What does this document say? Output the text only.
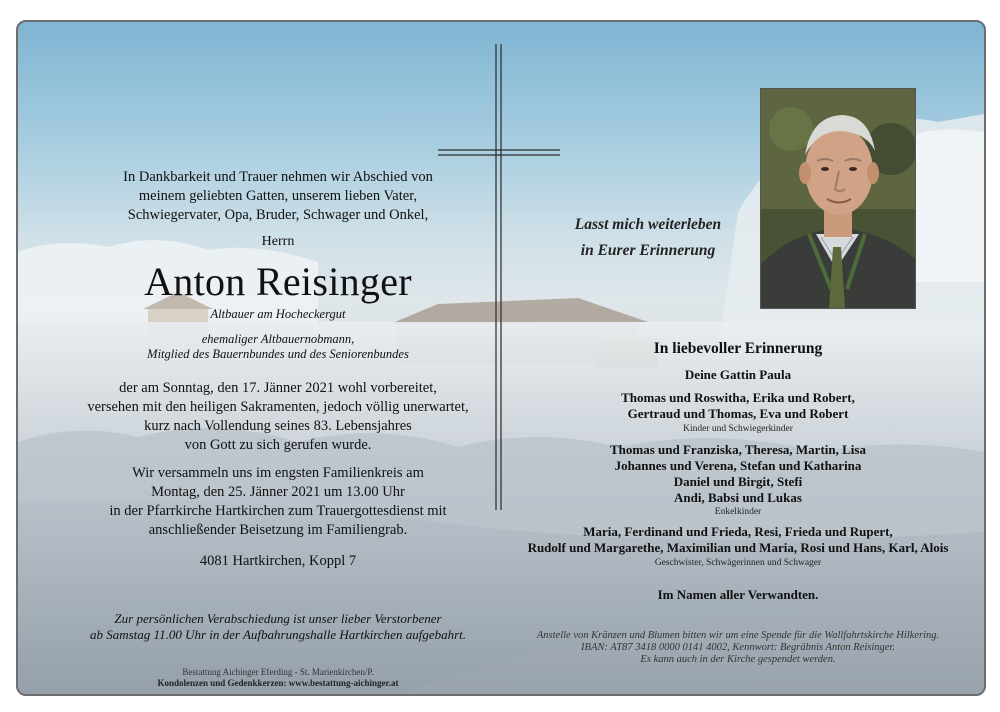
In Dankbarkeit und Trauer nehmen wir Abschied von
meinem geliebten Gatten, unserem lieben Vater,
Schwiegervater, Opa, Bruder, Schwager und Onkel,
Herrn
Anton Reisinger
Altbauer am Hocheckergut
ehemaliger Altbauernobmann,
Mitglied des Bauernbundes und des Seniorenbundes
der am Sonntag, den 17. Jänner 2021 wohl vorbereitet,
versehen mit den heiligen Sakramenten, jedoch völlig unerwartet,
kurz nach Vollendung seines 83. Lebensjahres
von Gott zu sich gerufen wurde.
Wir versammeln uns im engsten Familienkreis am
Montag, den 25. Jänner 2021 um 13.00 Uhr
in der Pfarrkirche Hartkirchen zum Trauergottesdienst mit
anschließender Beisetzung im Familiengrab.
4081 Hartkirchen, Koppl 7
Zur persönlichen Verabschiedung ist unser lieber Verstorbener
ab Samstag 11.00 Uhr in der Aufbahrungshalle Hartkirchen aufgebahrt.
Bestattung Aichinger Eferding - St. Marienkirchen/P.
Kondolenzen und Gedenkkerzen: www.bestattung-aichinger.at
Lasst mich weiterleben
in Eurer Erinnerung
In liebevoller Erinnerung
Deine Gattin Paula
Thomas und Roswitha, Erika und Robert,
Gertraud und Thomas, Eva und Robert
Kinder und Schwiegerkinder
Thomas und Franziska, Theresa, Martin, Lisa
Johannes und Verena, Stefan und Katharina
Daniel und Birgit, Stefi
Andi, Babsi und Lukas
Enkelkinder
Maria, Ferdinand und Frieda, Resi, Frieda und Rupert,
Rudolf und Margarethe, Maximilian und Maria, Rosi und Hans, Karl, Alois
Geschwister, Schwägerinnen und Schwager
Im Namen aller Verwandten.
Anstelle von Kränzen und Blumen bitten wir um eine Spende für die Wallfahrtskirche Hilkering.
IBAN: AT87 3418 0000 0141 4002, Kennwort: Begräbnis Anton Reisinger.
Es kann auch in der Kirche gespendet werden.
